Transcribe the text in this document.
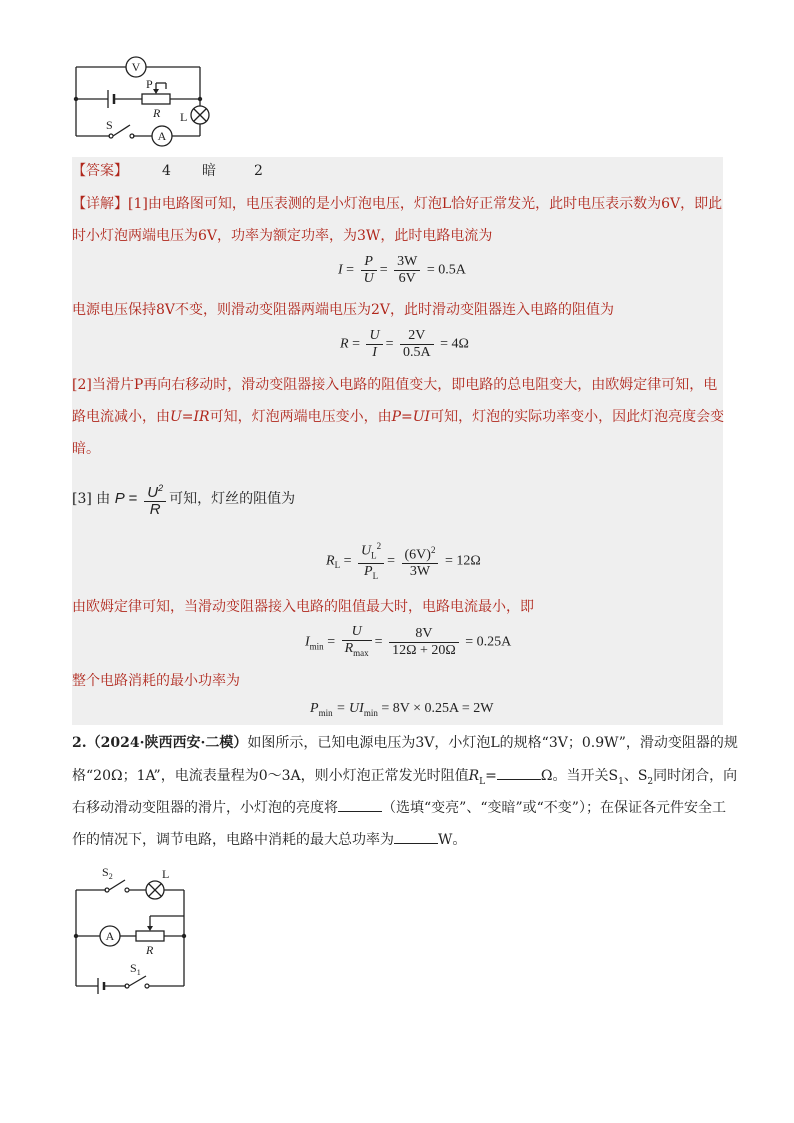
V
P
R L
S
A
【答案】 4 暗	2
【详解】[1]由电路图可知，电压表测的是小灯泡电压，灯泡L恰好正常发光，此时电压表示数为6V，即此
时小灯泡两端电压为6V，功率为额定功率，为3W，此时电路电流为
$I = \frac{P}{U} = \frac{3W}{6V} = 0.5A$
电源电压保持8V不变，则滑动变阻器两端电压为2V，此时滑动变阻器连入电路的阻值为
$R = \frac{U}{I} = \frac{2V}{0.5A} = 4\Omega$
[2]当滑片P再向右移动时，滑动变阻器接入电路的阻值变大，即电路的总电阻变大，由欧姆定律可知，电
路电流减小，由U=IR可知，灯泡两端电压变小，由P=UI可知，灯泡的实际功率变小，因此灯泡亮度会变
暗。
[3] 由 $P = \frac{U^2}{R}$ 可知，灯丝的阻值为
$R_L = \frac{U_L^2}{P_L} = \frac{(6V)^2}{3W} = 12\Omega$
由欧姆定律可知，当滑动变阻器接入电路的阻值最大时，电路电流最小，即
$I_{min} = \frac{U}{R_{max}} = \frac{8V}{12\Omega + 20\Omega} = 0.25A$
整个电路消耗的最小功率为
$P_{min} = UI_{min} = 8V \times 0.25A = 2W$
2.（2024·陕西西安·二模）如图所示，已知电源电压为3V，小灯泡L的规格“3V；0.9W”，滑动变阻器的规
格“20Ω；1A”，电流表量程为0～3A，则小灯泡正常发光时阻值$R_L=$	Ω。当开关$S_1$、$S_2$同时闭合，向
右移动滑动变阻器的滑片，小灯泡的亮度将	（选填“变亮”、“变暗”或“不变”）；在保证各元件安全工
作的情况下，调节电路，电路中消耗的最大总功率为	W。
$S_2$	L
A
R
$S_1$
